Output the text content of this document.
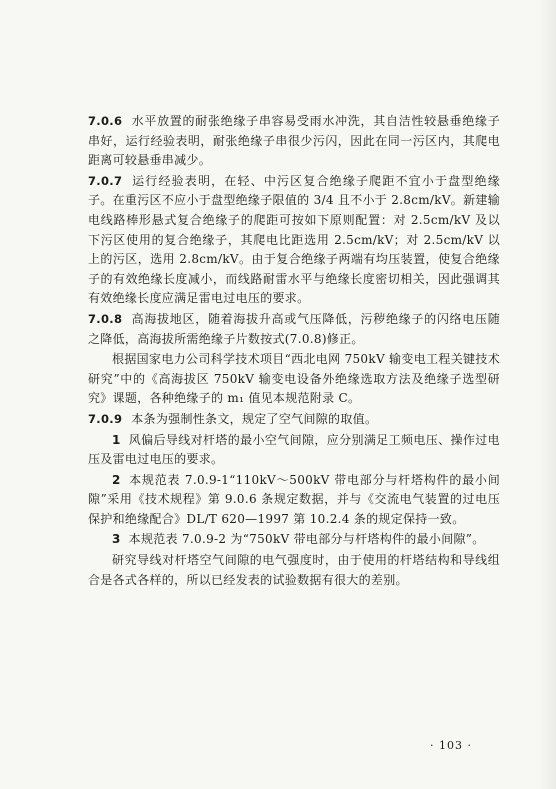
7.0.6 水平放置的耐张绝缘子串容易受雨水冲洗，其自洁性较悬垂绝缘子串好，运行经验表明，耐张绝缘子串很少污闪，因此在同一污区内，其爬电距离可较悬垂串减少。

7.0.7 运行经验表明，在轻、中污区复合绝缘子爬距不宜小于盘型绝缘子。在重污区不应小于盘型绝缘子限值的 3/4 且不小于 2.8cm/kV。新建输电线路棒形悬式复合绝缘子的爬距可按如下原则配置：对 2.5cm/kV 及以下污区使用的复合绝缘子，其爬电比距选用 2.5cm/kV；对 2.5cm/kV 以上的污区，选用 2.8cm/kV。由于复合绝缘子两端有均压装置，使复合绝缘子的有效绝缘长度减小，而线路耐雷水平与绝缘长度密切相关，因此强调其有效绝缘长度应满足雷电过电压的要求。

7.0.8 高海拔地区，随着海拔升高或气压降低，污秽绝缘子的闪络电压随之降低，高海拔所需绝缘子片数按式(7.0.8)修正。

根据国家电力公司科学技术项目“西北电网 750kV 输变电工程关键技术研究”中的《高海拔区 750kV 输变电设备外绝缘选取方法及绝缘子选型研究》课题，各种绝缘子的 m₁ 值见本规范附录 C。

7.0.9 本条为强制性条文，规定了空气间隙的取值。

1 风偏后导线对杆塔的最小空气间隙，应分别满足工频电压、操作过电压及雷电过电压的要求。

2 本规范表 7.0.9-1“110kV～500kV 带电部分与杆塔构件的最小间隙”采用《技术规程》第 9.0.6 条规定数据，并与《交流电气装置的过电压保护和绝缘配合》DL/T 620—1997 第 10.2.4 条的规定保持一致。

3 本规范表 7.0.9-2 为“750kV 带电部分与杆塔构件的最小间隙”。

研究导线对杆塔空气间隙的电气强度时，由于使用的杆塔结构和导线组合是各式各样的，所以已经发表的试验数据有很大的差别。

· 103 ·
